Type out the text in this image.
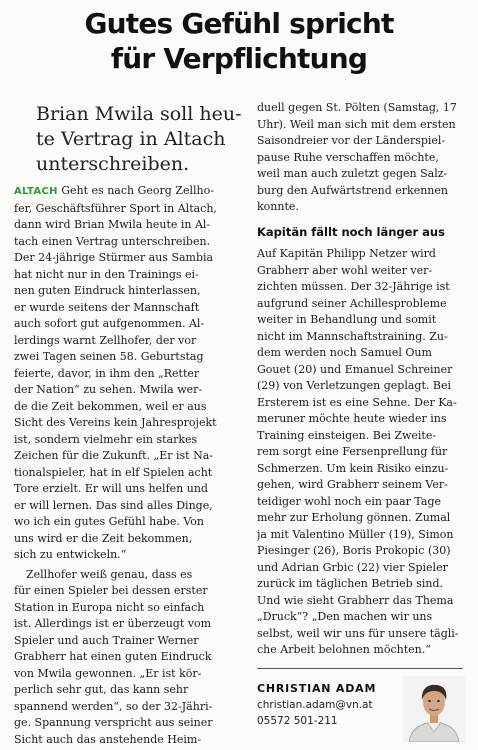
Gutes Gefühl spricht
für Verpflichtung
Brian Mwila soll heu-
te Vertrag in Altach
unterschreiben.
ALTACH Geht es nach Georg Zellho-
fer, Geschäftsführer Sport in Altach,
dann wird Brian Mwila heute in Al-
tach einen Vertrag unterschreiben.
Der 24-jährige Stürmer aus Sambia
hat nicht nur in den Trainings ei-
nen guten Eindruck hinterlassen,
er wurde seitens der Mannschaft
auch sofort gut aufgenommen. Al-
lerdings warnt Zellhofer, der vor
zwei Tagen seinen 58. Geburtstag
feierte, davor, in ihm den „Retter
der Nation“ zu sehen. Mwila wer-
de die Zeit bekommen, weil er aus
Sicht des Vereins kein Jahresprojekt
ist, sondern vielmehr ein starkes
Zeichen für die Zukunft. „Er ist Na-
tionalspieler, hat in elf Spielen acht
Tore erzielt. Er will uns helfen und
er will lernen. Das sind alles Dinge,
wo ich ein gutes Gefühl habe. Von
uns wird er die Zeit bekommen,
sich zu entwickeln.“
Zellhofer weiß genau, dass es
für einen Spieler bei dessen erster
Station in Europa nicht so einfach
ist. Allerdings ist er überzeugt vom
Spieler und auch Trainer Werner
Grabherr hat einen guten Eindruck
von Mwila gewonnen. „Er ist kör-
perlich sehr gut, das kann sehr
spannend werden“, so der 32-Jähri-
ge. Spannung verspricht aus seiner
Sicht auch das anstehende Heim-
duell gegen St. Pölten (Samstag, 17
Uhr). Weil man sich mit dem ersten
Saisondreier vor der Länderspiel-
pause Ruhe verschaffen möchte,
weil man auch zuletzt gegen Salz-
burg den Aufwärtstrend erkennen
konnte.
Kapitän fällt noch länger aus
Auf Kapitän Philipp Netzer wird
Grabherr aber wohl weiter ver-
zichten müssen. Der 32-Jährige ist
aufgrund seiner Achillesprobleme
weiter in Behandlung und somit
nicht im Mannschaftstraining. Zu-
dem werden noch Samuel Oum
Gouet (20) und Emanuel Schreiner
(29) von Verletzungen geplagt. Bei
Ersterem ist es eine Sehne. Der Ka-
meruner möchte heute wieder ins
Training einsteigen. Bei Zweite-
rem sorgt eine Fersenprellung für
Schmerzen. Um kein Risiko einzu-
gehen, wird Grabherr seinem Ver-
teidiger wohl noch ein paar Tage
mehr zur Erholung gönnen. Zumal
ja mit Valentino Müller (19), Simon
Piesinger (26), Boris Prokopic (30)
und Adrian Grbic (22) vier Spieler
zurück im täglichen Betrieb sind.
Und wie sieht Grabherr das Thema
„Druck“? „Den machen wir uns
selbst, weil wir uns für unsere tägli-
che Arbeit belohnen möchten.“
CHRISTIAN ADAM
christian.adam@vn.at
05572 501-211
